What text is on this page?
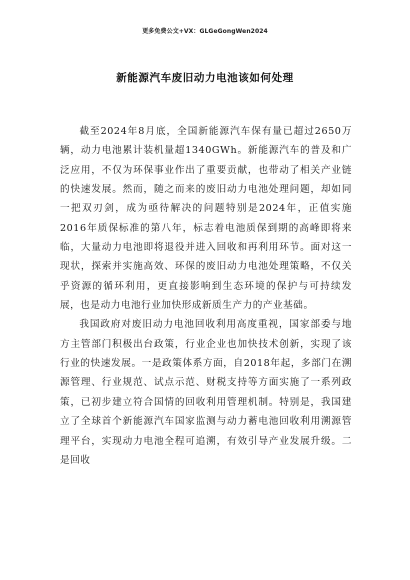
更多免费公文+VX：GLGeGongWen2024
新能源汽车废旧动力电池该如何处理

截至2024年8月底，全国新能源汽车保有量已超过2650万辆，动力电池累计装机量超1340GWh。新能源汽车的普及和广泛应用，不仅为环保事业作出了重要贡献，也带动了相关产业链的快速发展。然而，随之而来的废旧动力电池处理问题，却如同一把双刃剑，成为亟待解决的问题特别是2024年，正值实施2016年质保标准的第八年，标志着电池质保到期的高峰即将来临，大量动力电池即将退役并进入回收和再利用环节。面对这一现状，探索并实施高效、环保的废旧动力电池处理策略，不仅关乎资源的循环利用，更直接影响到生态环境的保护与可持续发展，也是动力电池行业加快形成新质生产力的产业基础。

我国政府对废旧动力电池回收利用高度重视，国家部委与地方主管部门积极出台政策，行业企业也加快技术创新，实现了该行业的快速发展。一是政策体系方面，自2018年起，多部门在溯源管理、行业规范、试点示范、财税支持等方面实施了一系列政策，已初步建立符合国情的回收利用管理机制。特别是，我国建立了全球首个新能源汽车国家监测与动力蓄电池回收利用溯源管理平台，实现动力电池全程可追溯，有效引导产业发展升级。二是回收
